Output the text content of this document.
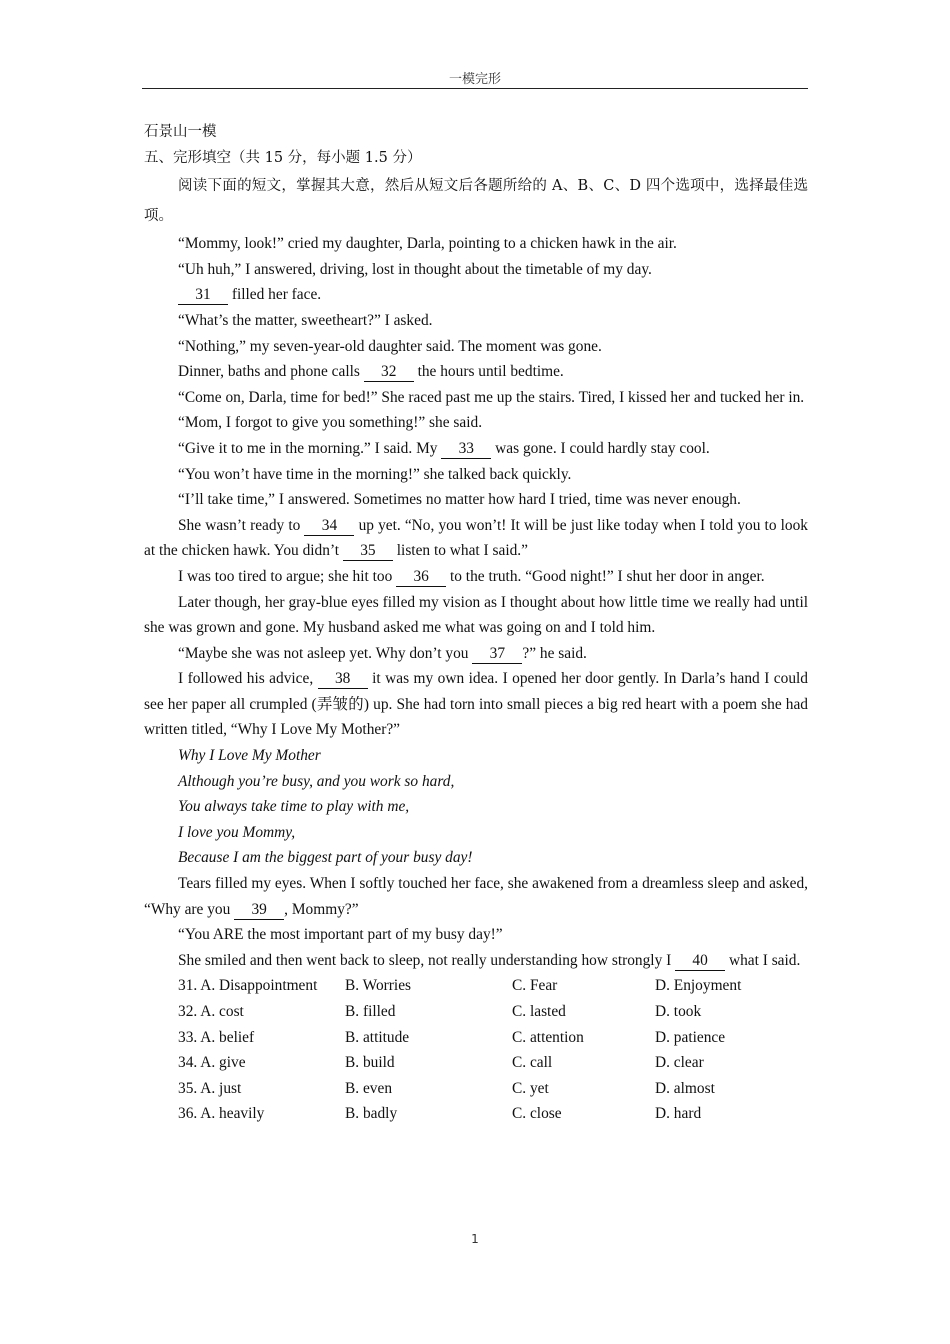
一模完形

石景山一模

五、完形填空（共 15 分，每小题 1.5 分）

阅读下面的短文，掌握其大意，然后从短文后各题所给的 A、B、C、D 四个选项中，选择最佳选项。

“Mommy, look!” cried my daughter, Darla, pointing to a chicken hawk in the air.

“Uh huh,” I answered, driving, lost in thought about the timetable of my day.

31 filled her face.

“What’s the matter, sweetheart?” I asked.

“Nothing,” my seven-year-old daughter said. The moment was gone.

Dinner, baths and phone calls 32 the hours until bedtime.

“Come on, Darla, time for bed!” She raced past me up the stairs. Tired, I kissed her and tucked her in.

“Mom, I forgot to give you something!” she said.

“Give it to me in the morning.” I said. My 33 was gone. I could hardly stay cool.

“You won’t have time in the morning!” she talked back quickly.

“I’ll take time,” I answered. Sometimes no matter how hard I tried, time was never enough.

She wasn’t ready to 34 up yet. “No, you won’t! It will be just like today when I told you to look at the chicken hawk. You didn’t 35 listen to what I said.”

I was too tired to argue; she hit too 36 to the truth. “Good night!” I shut her door in anger.

Later though, her gray-blue eyes filled my vision as I thought about how little time we really had until she was grown and gone. My husband asked me what was going on and I told him.

“Maybe she was not asleep yet. Why don’t you 37 ?” he said.

I followed his advice, 38 it was my own idea. I opened her door gently. In Darla’s hand I could see her paper all crumpled (弄皱的) up. She had torn into small pieces a big red heart with a poem she had written titled, “Why I Love My Mother?”

Why I Love My Mother

Although you’re busy, and you work so hard,

You always take time to play with me,

I love you Mommy,

Because I am the biggest part of your busy day!

Tears filled my eyes. When I softly touched her face, she awakened from a dreamless sleep and asked, “Why are you 39 , Mommy?”

“You ARE the most important part of my busy day!”

She smiled and then went back to sleep, not really understanding how strongly I 40 what I said.

31. A. Disappointment	B. Worries	C. Fear	D. Enjoyment
32. A. cost	B. filled	C. lasted	D. took
33. A. belief	B. attitude	C. attention	D. patience
34. A. give	B. build	C. call	D. clear
35. A. just	B. even	C. yet	D. almost
36. A. heavily	B. badly	C. close	D. hard
1
